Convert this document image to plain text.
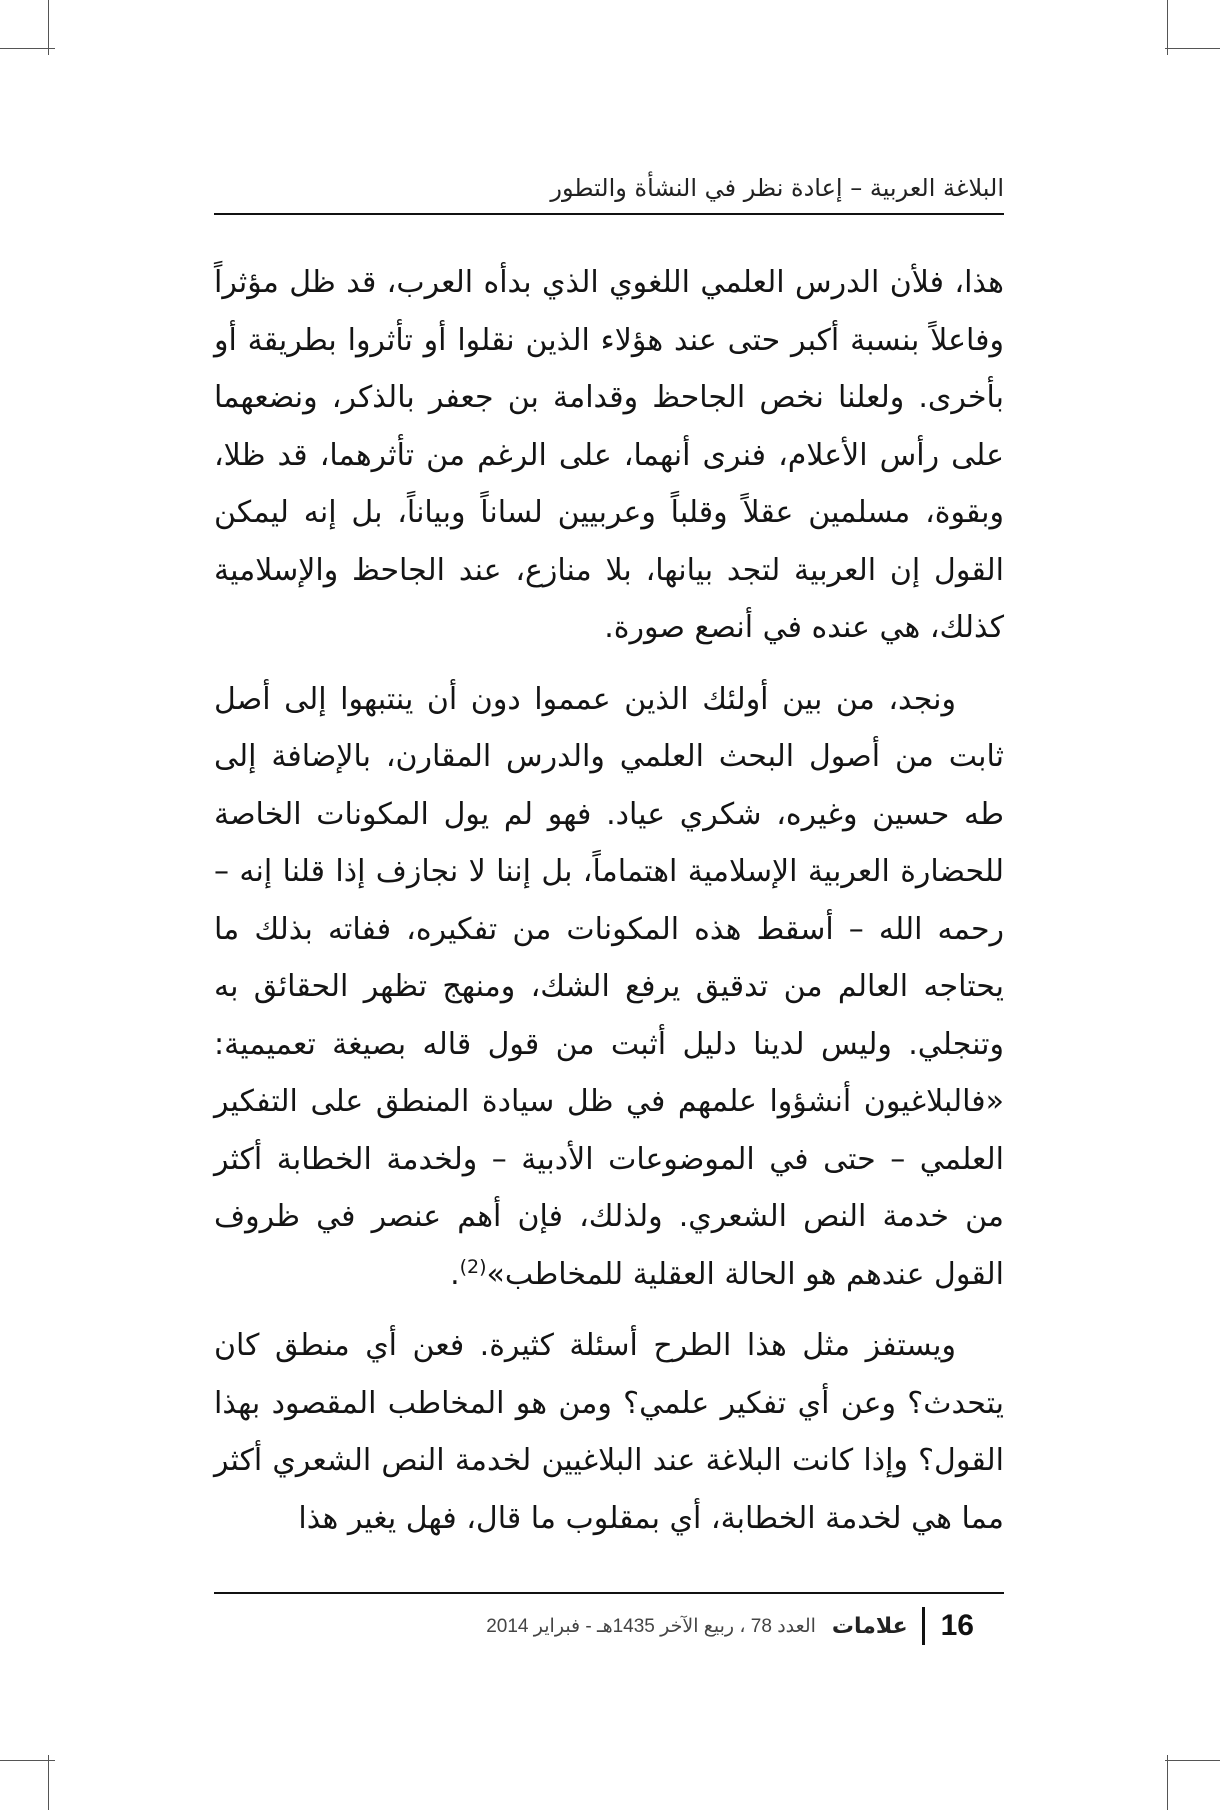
البلاغة العربية – إعادة نظر في النشأة والتطور

هذا، فلأن الدرس العلمي اللغوي الذي بدأه العرب، قد ظل مؤثراً وفاعلاً بنسبة أكبر حتى عند هؤلاء الذين نقلوا أو تأثروا بطريقة أو بأخرى. ولعلنا نخص الجاحظ وقدامة بن جعفر بالذكر، ونضعهما على رأس الأعلام، فنرى أنهما، على الرغم من تأثرهما، قد ظلا، وبقوة، مسلمين عقلاً وقلباً وعربيين لساناً وبياناً، بل إنه ليمكن القول إن العربية لتجد بيانها، بلا منازع، عند الجاحظ والإسلامية كذلك، هي عنده في أنصع صورة.

ونجد، من بين أولئك الذين عمموا دون أن ينتبهوا إلى أصل ثابت من أصول البحث العلمي والدرس المقارن، بالإضافة إلى طه حسين وغيره، شكري عياد. فهو لم يول المكونات الخاصة للحضارة العربية الإسلامية اهتماماً، بل إننا لا نجازف إذا قلنا إنه – رحمه الله – أسقط هذه المكونات من تفكيره، ففاته بذلك ما يحتاجه العالم من تدقيق يرفع الشك، ومنهج تظهر الحقائق به وتنجلي. وليس لدينا دليل أثبت من قول قاله بصيغة تعميمية: «فالبلاغيون أنشؤوا علمهم في ظل سيادة المنطق على التفكير العلمي – حتى في الموضوعات الأدبية – ولخدمة الخطابة أكثر من خدمة النص الشعري. ولذلك، فإن أهم عنصر في ظروف القول عندهم هو الحالة العقلية للمخاطب»$^{(2)}$.

ويستفز مثل هذا الطرح أسئلة كثيرة. فعن أي منطق كان يتحدث؟ وعن أي تفكير علمي؟ ومن هو المخاطب المقصود بهذا القول؟ وإذا كانت البلاغة عند البلاغيين لخدمة النص الشعري أكثر مما هي لخدمة الخطابة، أي بمقلوب ما قال، فهل يغير هذا

16
علامات
العدد 78 ، ربيع الآخر 1435هـ - فبراير 2014
